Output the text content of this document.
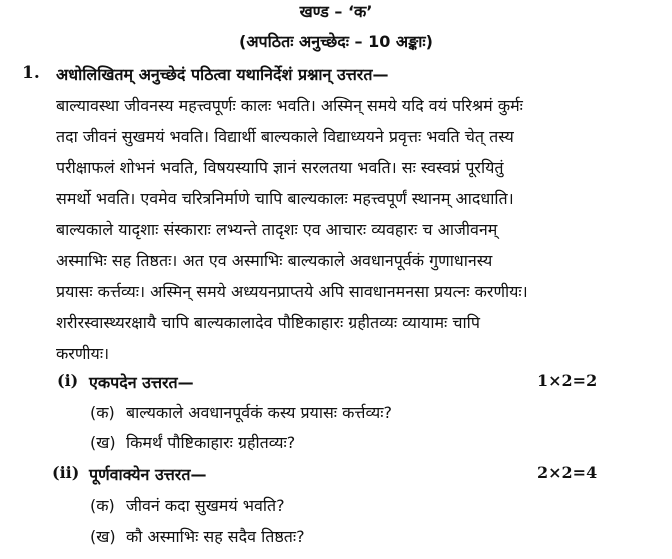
खण्ड – ‘क’
(अपठितः अनुच्छेदः – 10 अङ्काः)
1. अधोलिखितम् अनुच्छेदं पठित्वा यथानिर्देशं प्रश्नान् उत्तरत—
बाल्यावस्था जीवनस्य महत्त्वपूर्णः कालः भवति। अस्मिन् समये यदि वयं परिश्रमं कुर्मः
तदा जीवनं सुखमयं भवति। विद्यार्थी बाल्यकाले विद्याध्ययने प्रवृत्तः भवति चेत् तस्य
परीक्षाफलं शोभनं भवति, विषयस्यापि ज्ञानं सरलतया भवति। सः स्वस्वप्नं पूरयितुं
समर्थो भवति। एवमेव चरित्रनिर्माणे चापि बाल्यकालः महत्त्वपूर्णं स्थानम् आदधाति।
बाल्यकाले यादृशाः संस्काराः लभ्यन्ते तादृशः एव आचारः व्यवहारः च आजीवनम्
अस्माभिः सह तिष्ठतः। अत एव अस्माभिः बाल्यकाले अवधानपूर्वकं गुणाधानस्य
प्रयासः कर्त्तव्यः। अस्मिन् समये अध्ययनप्राप्तये अपि सावधानमनसा प्रयत्नः करणीयः।
शरीरस्वास्थ्यरक्षायै चापि बाल्यकालादेव पौष्टिकाहारः ग्रहीतव्यः व्यायामः चापि
करणीयः।
(i) एकपदेन उत्तरत—	1×2=2
(क) बाल्यकाले अवधानपूर्वकं कस्य प्रयासः कर्त्तव्यः?
(ख) किमर्थं पौष्टिकाहारः ग्रहीतव्यः?
(ii) पूर्णवाक्येन उत्तरत—	2×2=4
(क) जीवनं कदा सुखमयं भवति?
(ख) कौ अस्माभिः सह सदैव तिष्ठतः?
